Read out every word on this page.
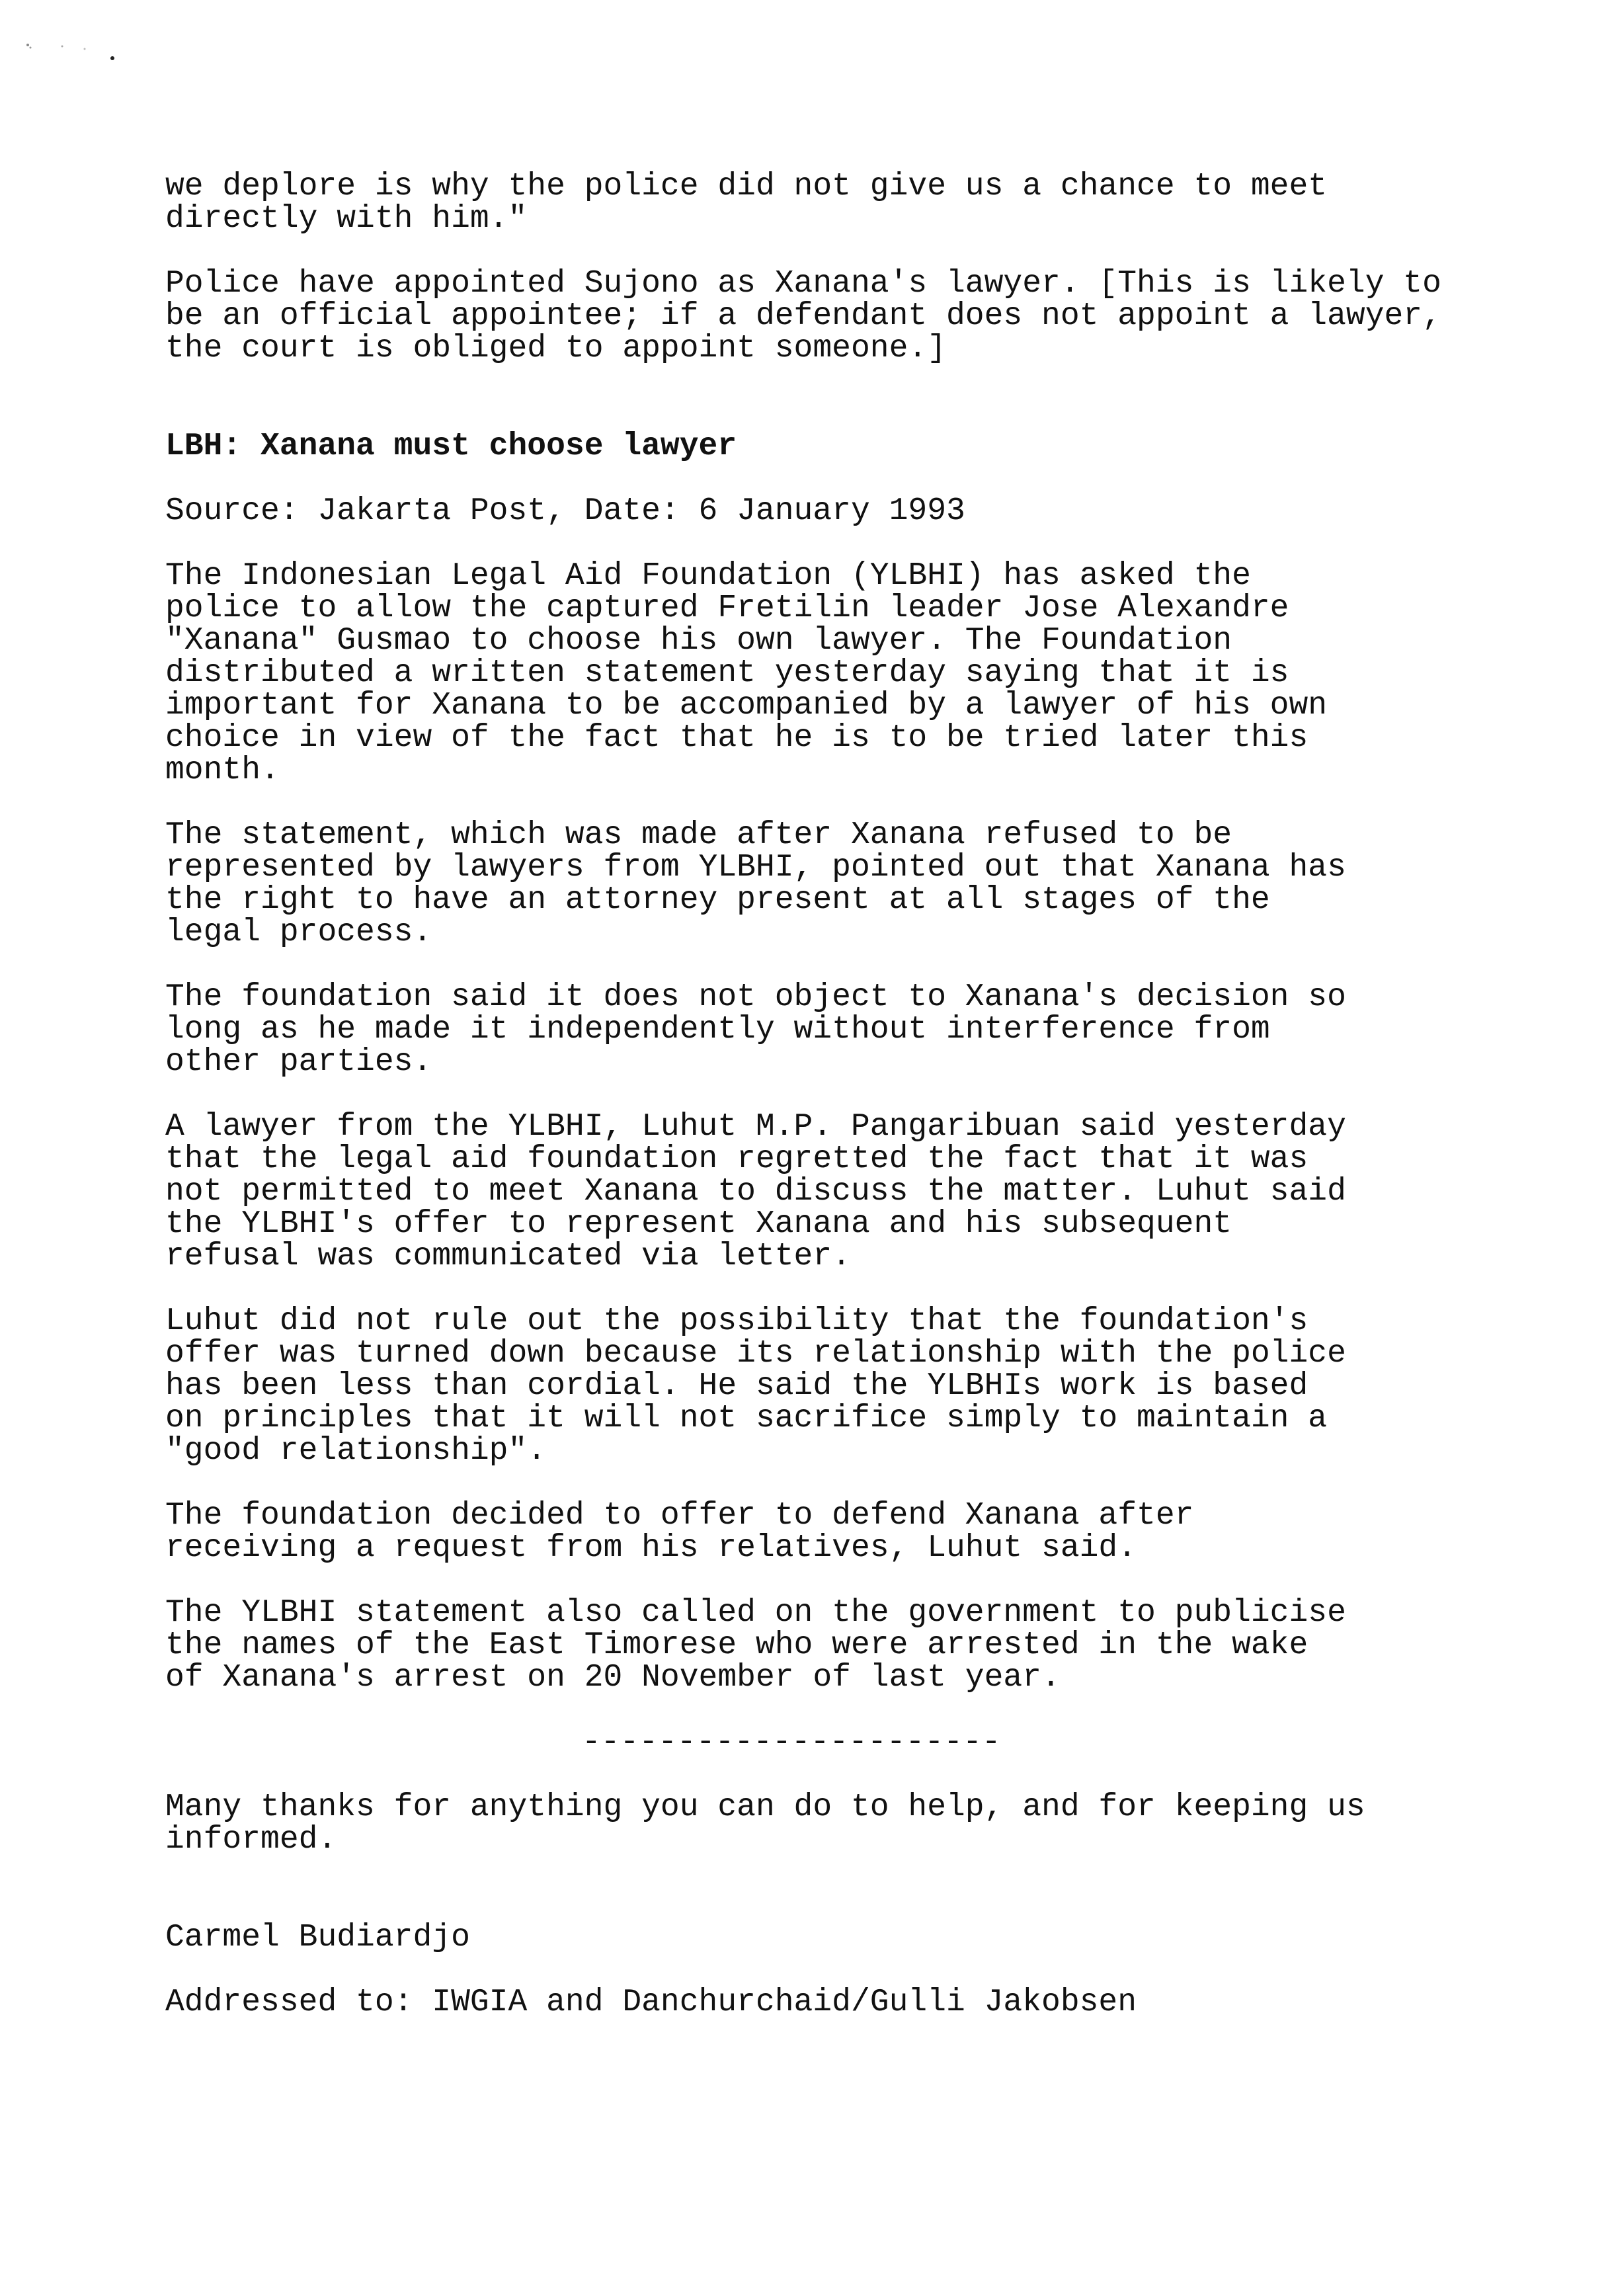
we deplore is why the police did not give us a chance to meet
directly with him."
Police have appointed Sujono as Xanana's lawyer. [This is likely to
be an official appointee; if a defendant does not appoint a lawyer,
the court is obliged to appoint someone.]
LBH: Xanana must choose lawyer
Source: Jakarta Post, Date: 6 January 1993
The Indonesian Legal Aid Foundation (YLBHI) has asked the
police to allow the captured Fretilin leader Jose Alexandre
"Xanana" Gusmao to choose his own lawyer. The Foundation
distributed a written statement yesterday saying that it is
important for Xanana to be accompanied by a lawyer of his own
choice in view of the fact that he is to be tried later this
month.
The statement, which was made after Xanana refused to be
represented by lawyers from YLBHI, pointed out that Xanana has
the right to have an attorney present at all stages of the
legal process.
The foundation said it does not object to Xanana's decision so
long as he made it independently without interference from
other parties.
A lawyer from the YLBHI, Luhut M.P. Pangaribuan said yesterday
that the legal aid foundation regretted the fact that it was
not permitted to meet Xanana to discuss the matter. Luhut said
the YLBHI's offer to represent Xanana and his subsequent
refusal was communicated via letter.
Luhut did not rule out the possibility that the foundation's
offer was turned down because its relationship with the police
has been less than cordial. He said the YLBHIs work is based
on principles that it will not sacrifice simply to maintain a
"good relationship".
The foundation decided to offer to defend Xanana after
receiving a request from his relatives, Luhut said.
The YLBHI statement also called on the government to publicise
the names of the East Timorese who were arrested in the wake
of Xanana's arrest on 20 November of last year.
----------------------
Many thanks for anything you can do to help, and for keeping us
informed.
Carmel Budiardjo
Addressed to: IWGIA and Danchurchaid/Gulli Jakobsen
